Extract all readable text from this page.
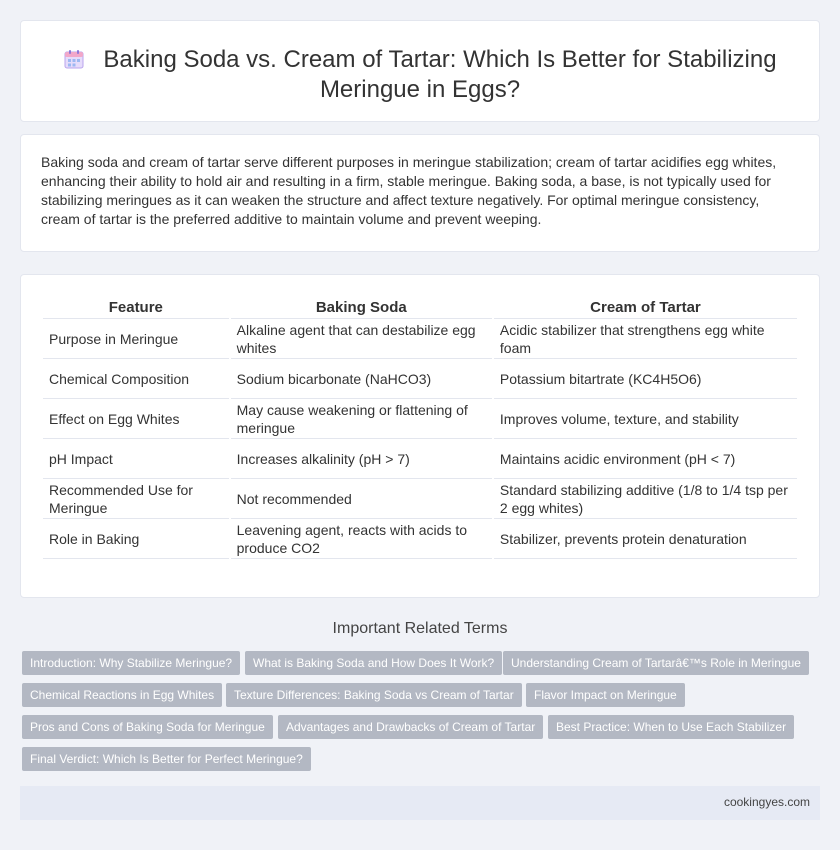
Baking Soda vs. Cream of Tartar: Which Is Better for Stabilizing Meringue in Eggs?

Baking soda and cream of tartar serve different purposes in meringue stabilization; cream of tartar acidifies egg whites, enhancing their ability to hold air and resulting in a firm, stable meringue. Baking soda, a base, is not typically used for stabilizing meringues as it can weaken the structure and affect texture negatively. For optimal meringue consistency, cream of tartar is the preferred additive to maintain volume and prevent weeping.

Feature	Baking Soda	Cream of Tartar
Purpose in Meringue	Alkaline agent that can destabilize egg whites	Acidic stabilizer that strengthens egg white foam
Chemical Composition	Sodium bicarbonate (NaHCO3)	Potassium bitartrate (KC4H5O6)
Effect on Egg Whites	May cause weakening or flattening of meringue	Improves volume, texture, and stability
pH Impact	Increases alkalinity (pH > 7)	Maintains acidic environment (pH < 7)
Recommended Use for Meringue	Not recommended	Standard stabilizing additive (1/8 to 1/4 tsp per 2 egg whites)
Role in Baking	Leavening agent, reacts with acids to produce CO2	Stabilizer, prevents protein denaturation
Important Related Terms
Introduction: Why Stabilize Meringue?	What is Baking Soda and How Does It Work?	Understanding Cream of Tartarâ€™s Role in Meringue
Chemical Reactions in Egg Whites	Texture Differences: Baking Soda vs Cream of Tartar	Flavor Impact on Meringue
Pros and Cons of Baking Soda for Meringue	Advantages and Drawbacks of Cream of Tartar	Best Practice: When to Use Each Stabilizer
Final Verdict: Which Is Better for Perfect Meringue?
cookingyes.com
